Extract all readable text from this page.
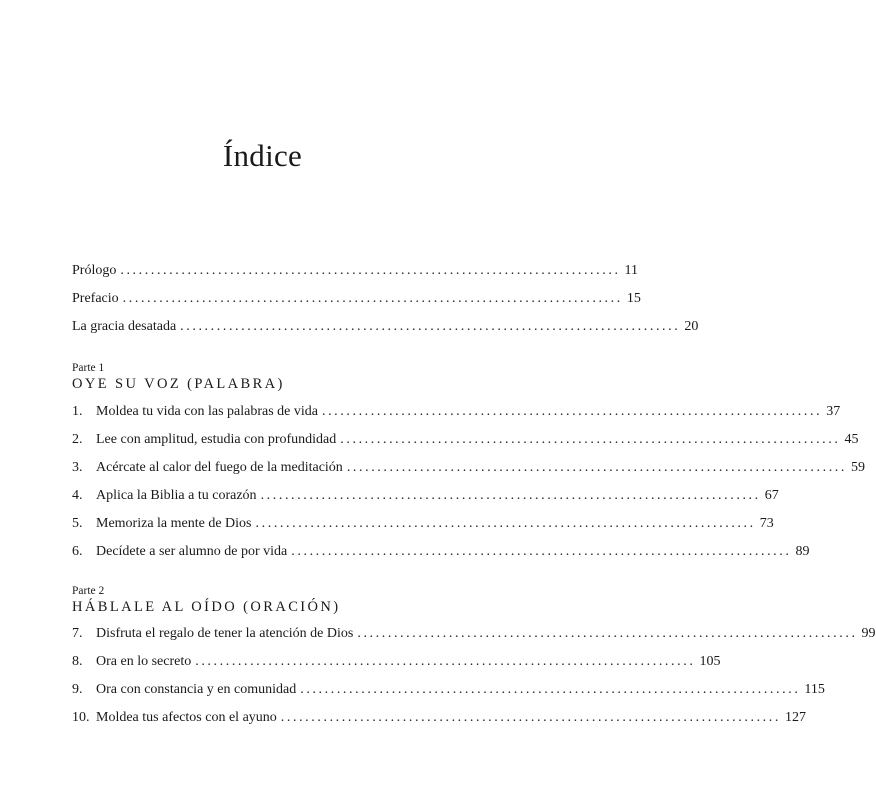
Índice
Prólogo .................................................................................. 11
Prefacio .................................................................................. 15
La gracia desatada .................................................................................. 20
Parte 1
OYE SU VOZ (PALABRA)
1. Moldea tu vida con las palabras de vida .................................................................................. 37
2. Lee con amplitud, estudia con profundidad .................................................................................. 45
3. Acércate al calor del fuego de la meditación .................................................................................. 59
4. Aplica la Biblia a tu corazón .................................................................................. 67
5. Memoriza la mente de Dios .................................................................................. 73
6. Decídete a ser alumno de por vida .................................................................................. 89
Parte 2
HÁBLALE AL OÍDO (ORACIÓN)
7. Disfruta el regalo de tener la atención de Dios .................................................................................. 99
8. Ora en lo secreto .................................................................................. 105
9. Ora con constancia y en comunidad .................................................................................. 115
10. Moldea tus afectos con el ayuno .................................................................................. 127
